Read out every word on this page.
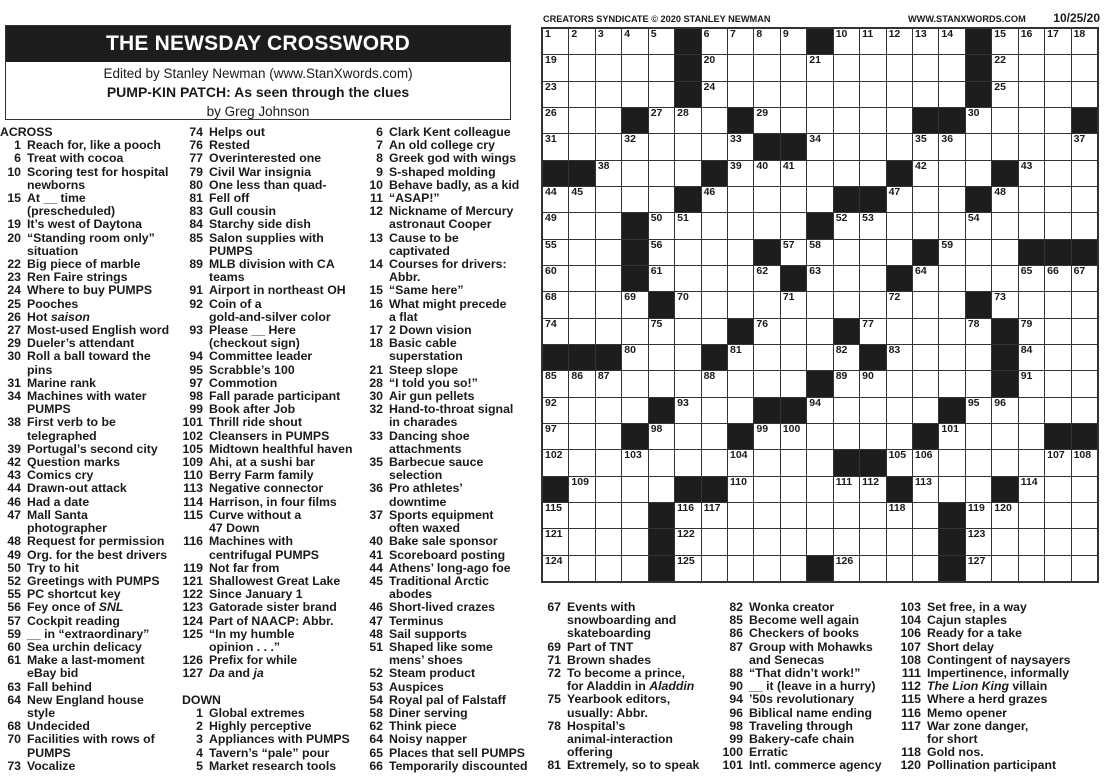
THE NEWSDAY CROSSWORD
Edited by Stanley Newman (www.StanXwords.com)
PUMP-KIN PATCH: As seen through the clues
by Greg Johnson
CREATORS SYNDICATE © 2020 STANLEY NEWMAN	WWW.STANXWORDS.COM 10/25/20
1 2 3 4 5	6 7 8 9	10 11 12 13 14	15 16 17 18
19	20	21	22
23	24	25
26	27 28	29	30
31	32	33	34	35 36	37
38	39 40 41	42	43
44 45	46	47	48
49	50 51	52 53	54
55	56	57 58	59
60	61	62	63	64	65 66 67
68	69	70	71	72	73
74	75	76	77	78	79
80	81	82	83	84
85 86 87	88	89 90	91
92	93	94	95 96
97	98	99 100	101
102	103	104	105 106	107 108
109	110	111 112	113	114
115	116 117	118	119 120
121	122	123
124	125	126	127
ACROSS
1 Reach for, like a pooch
6 Treat with cocoa
10 Scoring test for hospital
newborns
15 At __ time
(prescheduled)
19 It’s west of Daytona
20 “Standing room only”
situation
22 Big piece of marble
23 Ren Faire strings
24 Where to buy PUMPS
25 Pooches
26 Hot saison
27 Most-used English word
29 Dueler’s attendant
30 Roll a ball toward the
pins
31 Marine rank
34 Machines with water
PUMPS
38 First verb to be
telegraphed
39 Portugal’s second city
42 Question marks
43 Comics cry
44 Drawn-out attack
46 Had a date
47 Mall Santa
photographer
48 Request for permission
49 Org. for the best drivers
50 Try to hit
52 Greetings with PUMPS
55 PC shortcut key
56 Fey once of SNL
57 Cockpit reading
59 __ in “extraordinary”
60 Sea urchin delicacy
61 Make a last-moment
eBay bid
63 Fall behind
64 New England house
style
68 Undecided
70 Facilities with rows of
PUMPS
73 Vocalize
74 Helps out
76 Rested
77 Overinterested one
79 Civil War insignia
80 One less than quad-
81 Fell off
83 Gull cousin
84 Starchy side dish
85 Salon supplies with
PUMPS
89 MLB division with CA
teams
91 Airport in northeast OH
92 Coin of a
gold-and-silver color
93 Please __ Here
(checkout sign)
94 Committee leader
95 Scrabble’s 100
97 Commotion
98 Fall parade participant
99 Book after Job
101 Thrill ride shout
102 Cleansers in PUMPS
105 Midtown healthful haven
109 Ahi, at a sushi bar
110 Berry Farm family
113 Negative connector
114 Harrison, in four films
115 Curve without a
47 Down
116 Machines with
centrifugal PUMPS
119 Not far from
121 Shallowest Great Lake
122 Since January 1
123 Gatorade sister brand
124 Part of NAACP: Abbr.
125 “In my humble
opinion . . .”
126 Prefix for while
127 Da and ja
DOWN
1 Global extremes
2 Highly perceptive
3 Appliances with PUMPS
4 Tavern’s “pale” pour
5 Market research tools
6 Clark Kent colleague
7 An old college cry
8 Greek god with wings
9 S-shaped molding
10 Behave badly, as a kid
11 “ASAP!”
12 Nickname of Mercury
astronaut Cooper
13 Cause to be
captivated
14 Courses for drivers:
Abbr.
15 “Same here”
16 What might precede
a flat
17 2 Down vision
18 Basic cable
superstation
21 Steep slope
28 “I told you so!”
30 Air gun pellets
32 Hand-to-throat signal
in charades
33 Dancing shoe
attachments
35 Barbecue sauce
selection
36 Pro athletes’
downtime
37 Sports equipment
often waxed
40 Bake sale sponsor
41 Scoreboard posting
44 Athens’ long-ago foe
45 Traditional Arctic
abodes
46 Short-lived crazes
47 Terminus
48 Sail supports
51 Shaped like some
mens’ shoes
52 Steam product
53 Auspices
54 Royal pal of Falstaff
58 Diner serving
62 Think piece
64 Noisy napper
65 Places that sell PUMPS
66 Temporarily discounted
67 Events with
snowboarding and
skateboarding
69 Part of TNT
71 Brown shades
72 To become a prince,
for Aladdin in Aladdin
75 Yearbook editors,
usually: Abbr.
78 Hospital’s
animal-interaction
offering
81 Extremely, so to speak
82 Wonka creator
85 Become well again
86 Checkers of books
87 Group with Mohawks
and Senecas
88 “That didn’t work!”
90 __ it (leave in a hurry)
94 ’50s revolutionary
96 Biblical name ending
98 Traveling through
99 Bakery-cafe chain
100 Erratic
101 Intl. commerce agency
103 Set free, in a way
104 Cajun staples
106 Ready for a take
107 Short delay
108 Contingent of naysayers
111 Impertinence, informally
112 The Lion King villain
115 Where a herd grazes
116 Memo opener
117 War zone danger,
for short
118 Gold nos.
120 Pollination participant
